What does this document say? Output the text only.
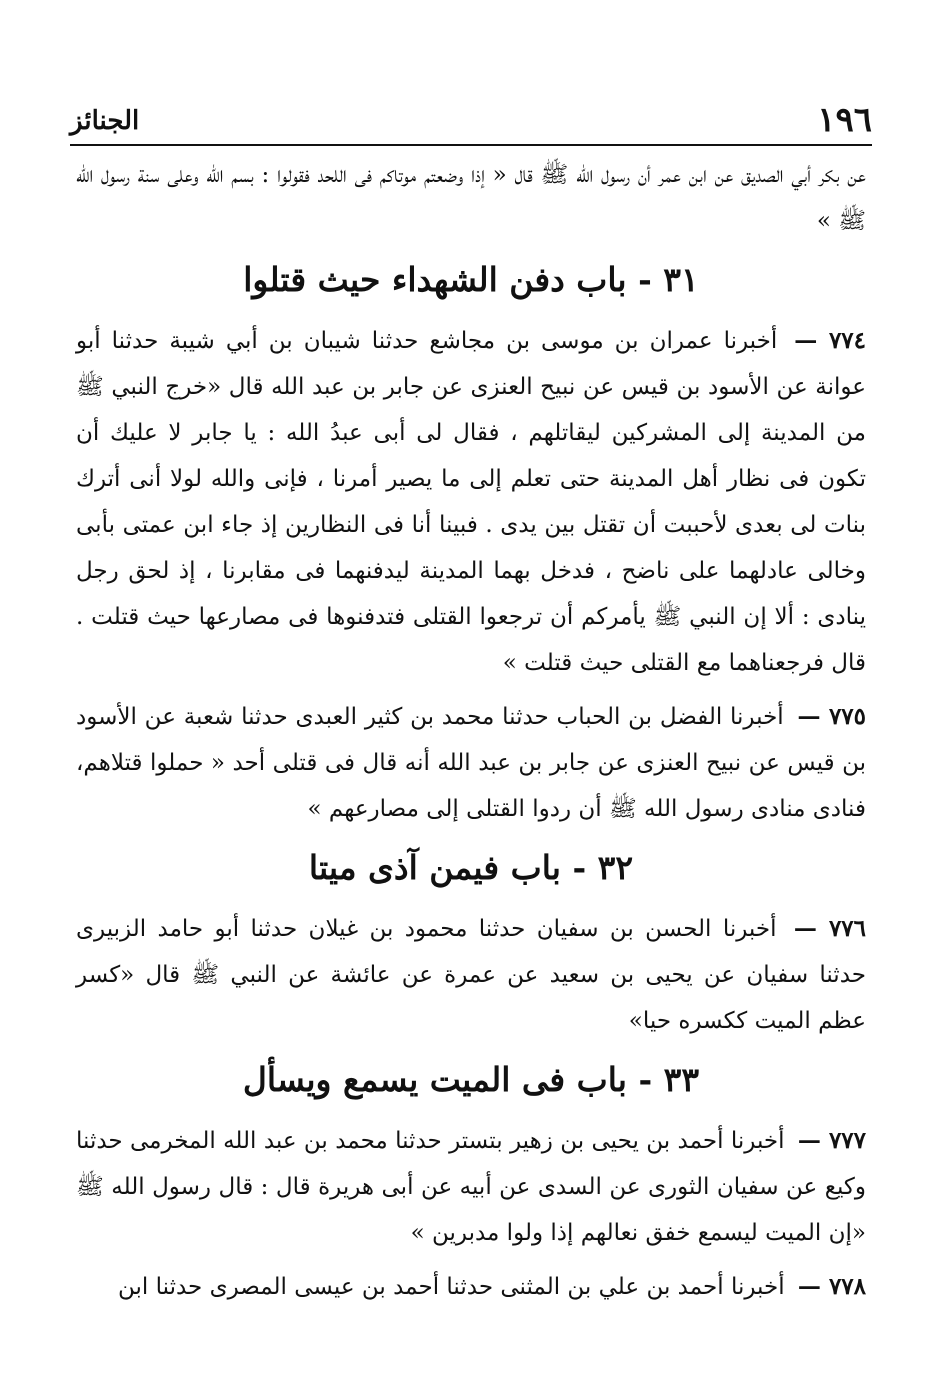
الجنائز	١٩٦

عن بكر أبي الصديق عن ابن عمر أن رسول الله ﷺ قال « إذا وضعتم موتاكم فى اللحد فقولوا : بسم الله وعلى سنة رسول الله ﷺ »

٣١ - باب دفن الشهداء حيث قتلوا

٧٧٤ — أخبرنا عمران بن موسى بن مجاشع حدثنا شيبان بن أبي شيبة حدثنا أبو عوانة عن الأسود بن قيس عن نبيح العنزى عن جابر بن عبد الله قال «خرج النبي ﷺ من المدينة إلى المشركين ليقاتلهم ، فقال لى أبى عبدُ الله : يا جابر لا عليك أن تكون فى نظار أهل المدينة حتى تعلم إلى ما يصير أمرنا ، فإنى والله لولا أنى أترك بنات لى بعدى لأحببت أن تقتل بين يدى . فبينا أنا فى النظارين إذ جاء ابن عمتى بأبى وخالى عادلهما على ناضح ، فدخل بهما المدينة ليدفنهما فى مقابرنا ، إذ لحق رجل ينادى : ألا إن النبي ﷺ يأمركم أن ترجعوا القتلى فتدفنوها فى مصارعها حيث قتلت . قال فرجعناهما مع القتلى حيث قتلت »

٧٧٥ — أخبرنا الفضل بن الحباب حدثنا محمد بن كثير العبدى حدثنا شعبة عن الأسود بن قيس عن نبيح العنزى عن جابر بن عبد الله أنه قال فى قتلى أحد « حملوا قتلاهم، فنادى منادى رسول الله ﷺ أن ردوا القتلى إلى مصارعهم »

٣٢ - باب فيمن آذى ميتا

٧٧٦ — أخبرنا الحسن بن سفيان حدثنا محمود بن غيلان حدثنا أبو حامد الزبيرى حدثنا سفيان عن يحيى بن سعيد عن عمرة عن عائشة عن النبي ﷺ قال «كسر عظم الميت ككسره حيا»

٣٣ - باب فى الميت يسمع ويسأل

٧٧٧ — أخبرنا أحمد بن يحيى بن زهير بتستر حدثنا محمد بن عبد الله المخرمى حدثنا وكيع عن سفيان الثورى عن السدى عن أبيه عن أبى هريرة قال : قال رسول الله ﷺ «إن الميت ليسمع خفق نعالهم إذا ولوا مدبرين »

٧٧٨ — أخبرنا أحمد بن علي بن المثنى حدثنا أحمد بن عيسى المصرى حدثنا ابن
